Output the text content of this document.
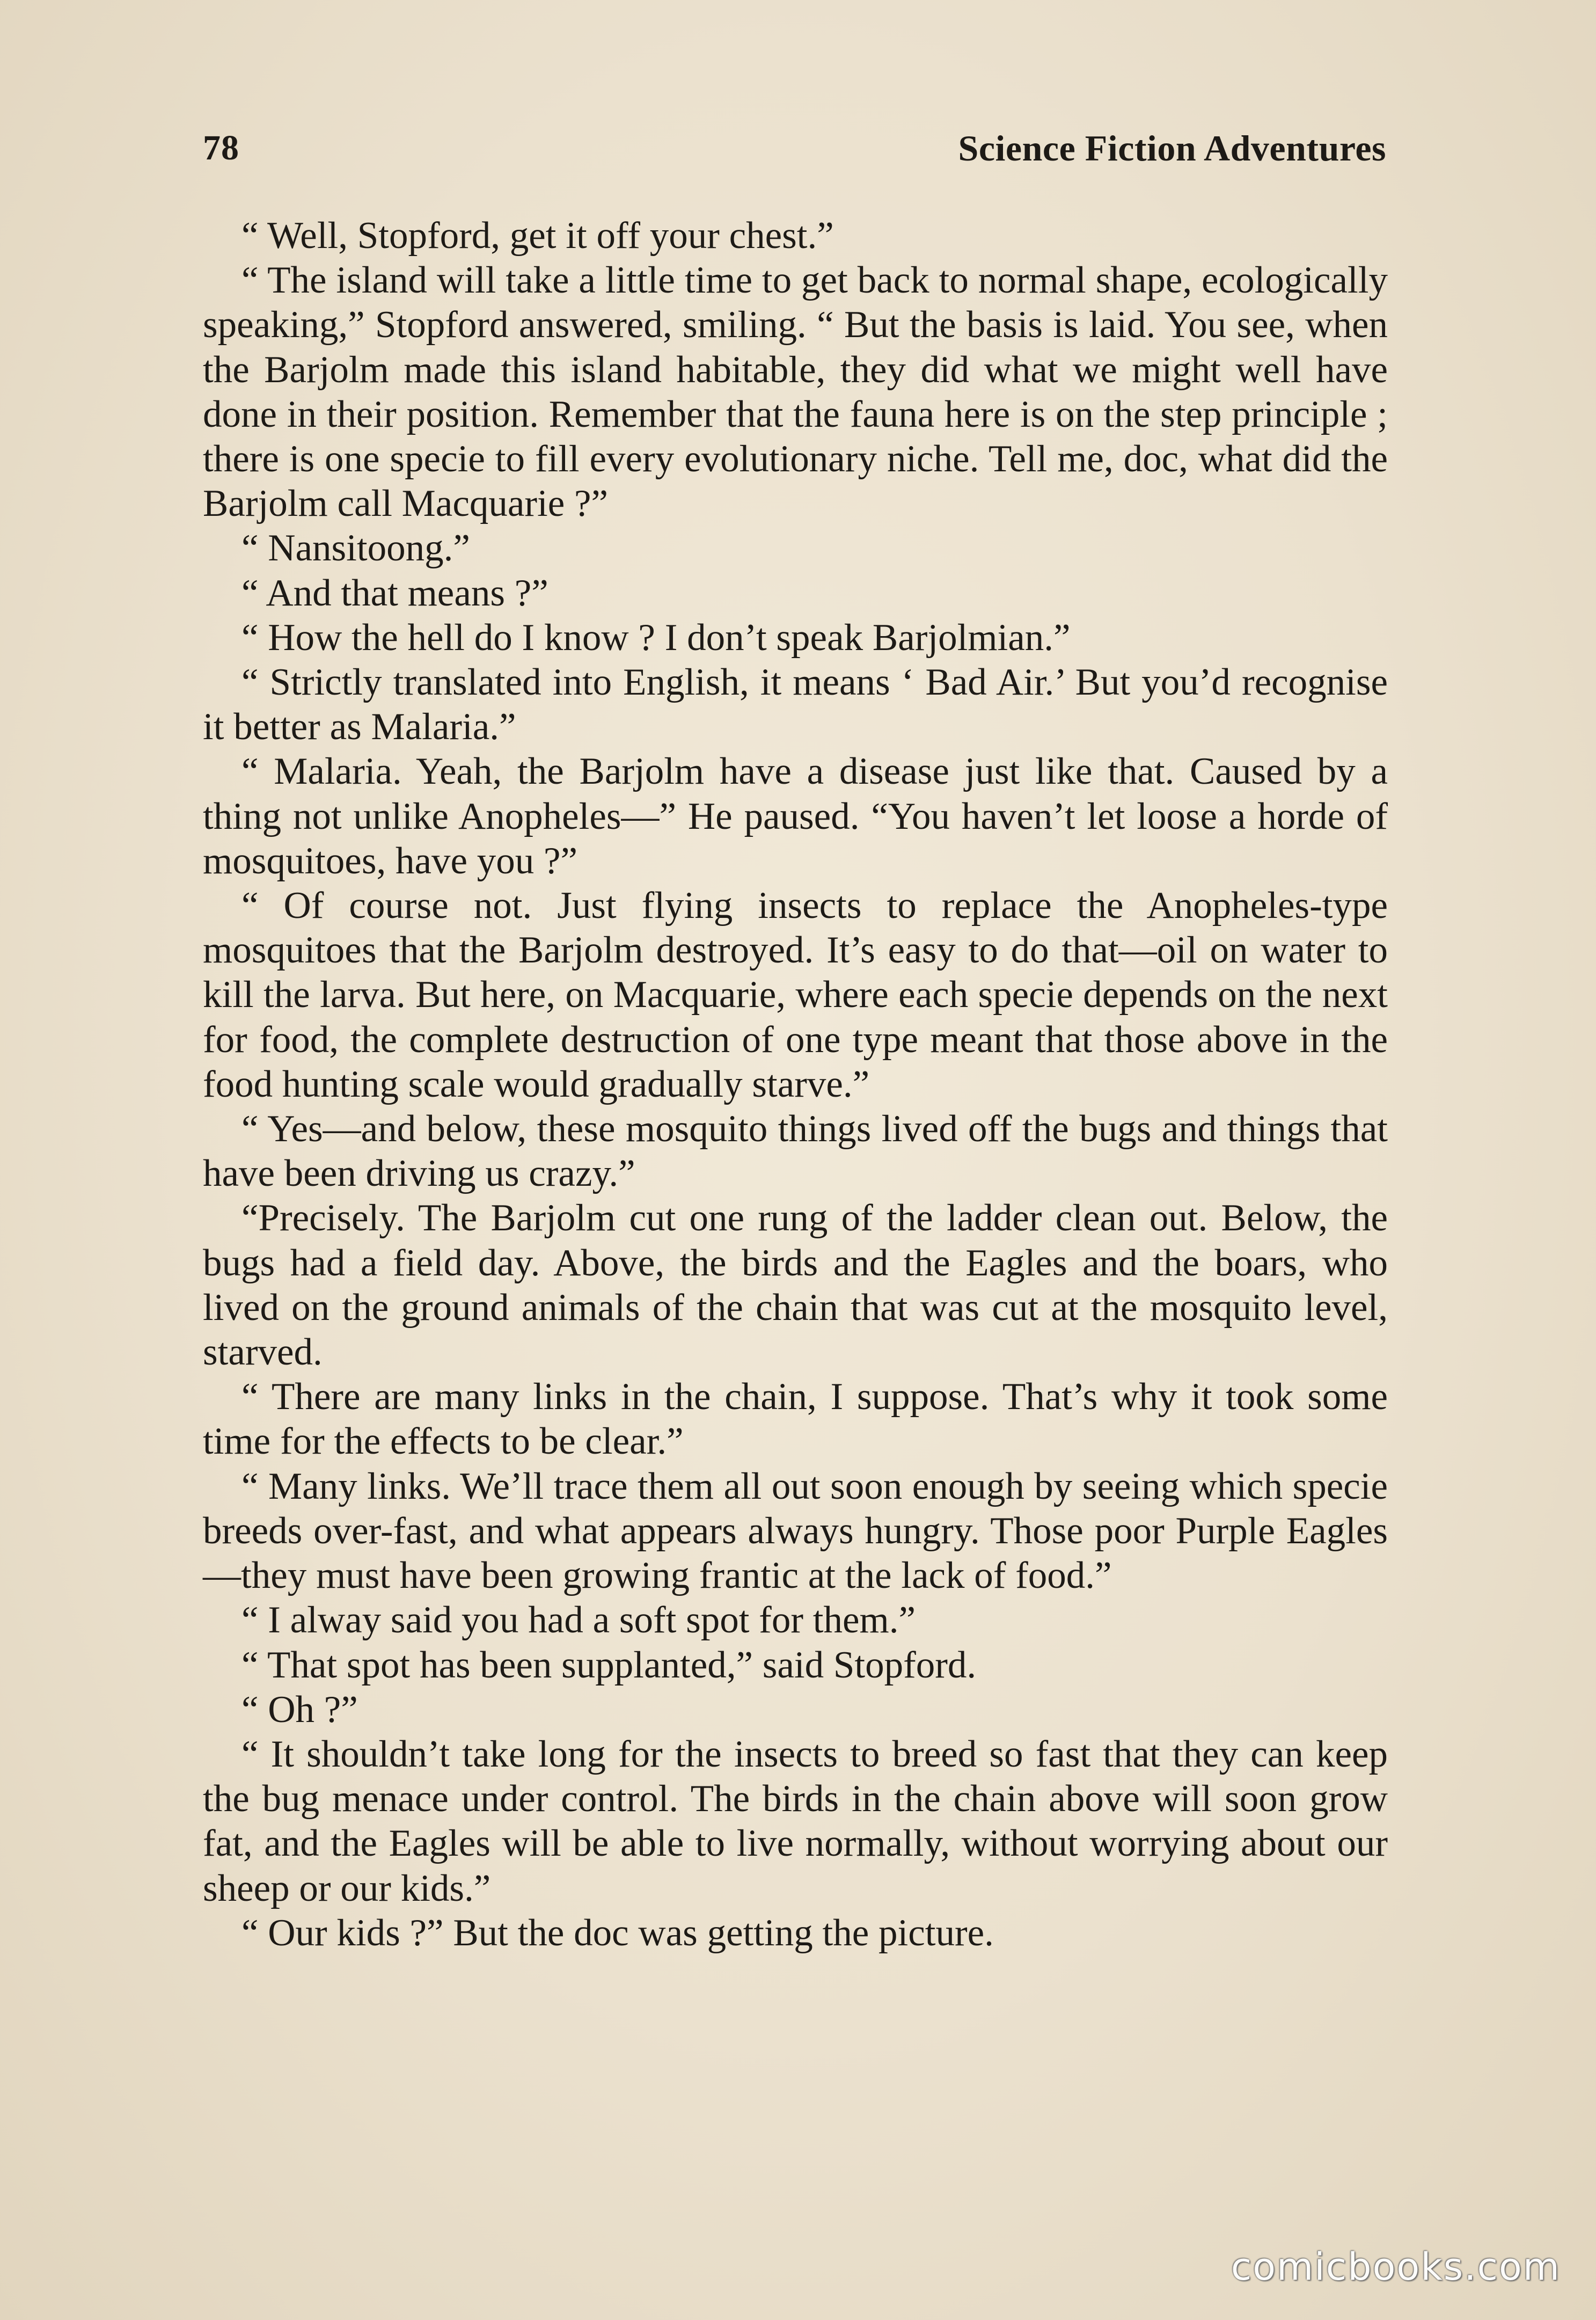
78	Science Fiction Adventures

“ Well, Stopford, get it off your chest.”

“ The island will take a little time to get back to normal shape, ecologically speaking,” Stopford answered, smiling. “ But the basis is laid. You see, when the Barjolm made this island habitable, they did what we might well have done in their position. Remember that the fauna here is on the step principle ; there is one specie to fill every evolutionary niche. Tell me, doc, what did the Barjolm call Macquarie ?”

“ Nansitoong.”

“ And that means ?”

“ How the hell do I know ? I don’t speak Barjolmian.”

“ Strictly translated into English, it means ‘ Bad Air.’ But you’d recognise it better as Malaria.”

“ Malaria. Yeah, the Barjolm have a disease just like that. Caused by a thing not unlike Anopheles—” He paused. “You haven’t let loose a horde of mosquitoes, have you ?”

“ Of course not. Just flying insects to replace the Anopheles-type mosquitoes that the Barjolm destroyed. It’s easy to do that—oil on water to kill the larva. But here, on Macquarie, where each specie depends on the next for food, the complete destruction of one type meant that those above in the food hunting scale would gradually starve.”

“ Yes—and below, these mosquito things lived off the bugs and things that have been driving us crazy.”

“Precisely. The Barjolm cut one rung of the ladder clean out. Below, the bugs had a field day. Above, the birds and the Eagles and the boars, who lived on the ground animals of the chain that was cut at the mosquito level, starved.

“ There are many links in the chain, I suppose. That’s why it took some time for the effects to be clear.”

“ Many links. We’ll trace them all out soon enough by seeing which specie breeds over-fast, and what appears always hungry. Those poor Purple Eagles—they must have been growing frantic at the lack of food.”

“ I alway said you had a soft spot for them.”

“ That spot has been supplanted,” said Stopford.

“ Oh ?”

“ It shouldn’t take long for the insects to breed so fast that they can keep the bug menace under control. The birds in the chain above will soon grow fat, and the Eagles will be able to live normally, without worrying about our sheep or our kids.”

“ Our kids ?” But the doc was getting the picture.

comicbooks.com
